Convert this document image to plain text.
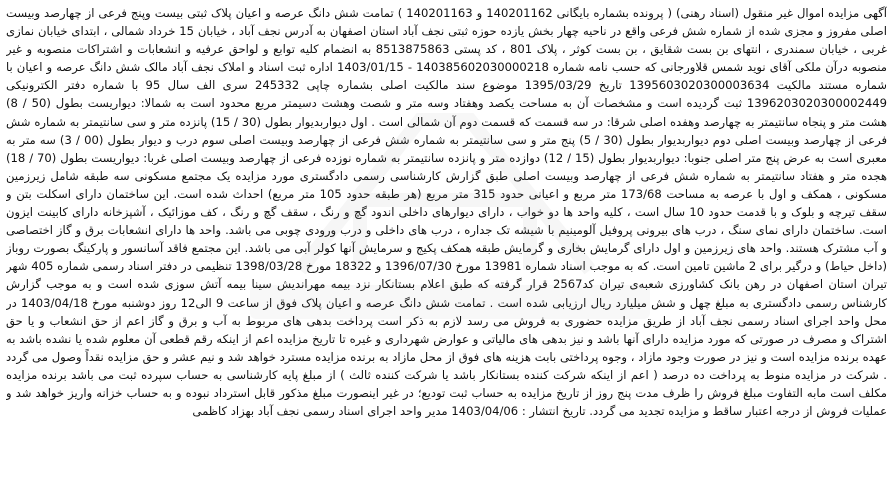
آگهی مزایده اموال غیر منقول (اسناد رهنی) ( پرونده بشماره بایگانی 140201162 و 140201163 ) تمامت شش دانگ عرصه و اعیان پلاک ثبتی بیست وپنج فرعی از چهارصد وبیست اصلی مفروز و مجزی شده از شماره شش فرعی واقع در ناحیه چهار بخش یازده حوزه ثبتی نجف آباد استان اصفهان به آدرس نجف آباد ، خیابان 15 خرداد شمالی ، ابتدای خیابان نمازی غربی ، خیابان سمندری ، انتهای بن بست شقایق ، بن بست کوثر ، پلاک 801 ، کد پستی 8513875863 به انضمام کلیه توابع و لواحق عرفیه و انشعابات و اشتراکات منصوبه و غیر منصوبه درآن ملکی آقای نوید شمس قلاورجانی که حسب نامه شماره 1403856020300002​18 - 1403/01/15 اداره ثبت اسناد و املاک نجف آباد مالک شش دانگ عرصه و اعیان با شماره مستند مالکیت 13956030203000036​34 تاریخ 1395/03/29 موضوع سند مالکیت اصلی بشماره چاپی 245332 سری الف سال 95 با شماره دفتر الکترونیکی 13962030203000024​49 ثبت گردیده است و مشخصات آن به مساحت یکصد وهفتاد وسه متر و شصت وهشت دسیمتر مربع محدود است به شمالا: دیواریست بطول (50 / 8) هشت متر و پنجاه سانتیمتر به چهارصد وهفده اصلی شرقا: در سه قسمت که قسمت دوم آن شمالی است . اول دیواربدیوار بطول (30 / 15) پانزده متر و سی سانتیمتر به شماره شش فرعی از چهارصد وبیست اصلی دوم دیواربدیوار بطول (30 / 5) پنج متر و سی سانتیمتر به شماره شش فرعی از چهارصد وبیست اصلی سوم درب و دیوار بطول (00 / 3) سه متر به معبری است به عرض پنج متر اصلی جنوبا: دیواربدیوار بطول (15 / 12) دوازده متر و پانزده سانتیمتر به شماره نوزده فرعی از چهارصد وبیست اصلی غربا: دیواریست بطول (70 / 18) هجده متر و هفتاد سانتیمتر به شماره شش فرعی از چهارصد وبیست اصلی طبق گزارش کارشناسی رسمی دادگستری مورد مزایده یک مجتمع مسکونی سه طبقه شامل زیرزمین مسکونی ، همکف و اول با عرصه به مساحت 173/68 متر مربع و اعیانی حدود 315 متر مربع (هر طبقه حدود 105 متر مربع) احداث شده است. این ساختمان دارای اسکلت بتن و سقف تیرچه و بلوک و با قدمت حدود 10 سال است ، کلیه واحد ها دو خواب ، دارای دیوارهای داخلی اندود گچ و رنگ ، سقف گچ و رنگ ، کف موزائیک ، آشپزخانه دارای کابینت ایزون است. ساختمان دارای نمای سنگ ، درب های بیرونی پروفیل آلومینیم با شیشه تک جداره ، درب های داخلی و درب ورودی چوبی می باشد. واحد ها دارای انشعابات برق و گاز اختصاصی و آب مشترک هستند. واحد های زیرزمین و اول دارای گرمایش بخاری و گرمایش طبقه همکف پکیج و سرمایش آنها کولر آبی می باشد. این مجتمع فاقد آسانسور و پارکینگ بصورت روباز (داخل حیاط) و درگیر برای 2 ماشین تامین است. که به موجب اسناد شماره 13981 مورخ 1396/07/30 و 18322 مورخ 1398/03/28 تنظیمی در دفتر اسناد رسمی شماره 405 شهر تیران استان اصفهان در رهن بانک کشاورزی شعبه‌ی تیران کد2567 قرار گرفته که طبق اعلام بستانکار نزد بیمه مهراندیش سینا بیمه آتش سوزی شده است و به موجب گزارش کارشناس رسمی دادگستری به مبلغ چهل و شش میلیارد ریال ارزیابی شده است . تمامت شش دانگ عرصه و اعیان پلاک فوق از ساعت 9 الی12 روز دوشنبه مورخ 1403/04/18 در محل واحد اجرای اسناد رسمی نجف آباد از طریق مزایده حضوری به فروش می رسد لازم به ذکر است پرداخت بدهی های مربوط به آب و برق و گاز اعم از حق انشعاب و یا حق اشتراک و مصرف در صورتی که مورد مزایده دارای آنها باشد و نیز بدهی های مالیاتی و عوارض شهرداری و غیره تا تاریخ مزایده اعم از اینکه رقم قطعی آن معلوم شده یا نشده باشد به عهده برنده مزایده است و نیز در صورت وجود مازاد ، وجوه پرداختی بابت هزینه های فوق از محل مازاد به برنده مزایده مسترد خواهد شد و نیم عشر و حق مزایده نقداً وصول می گردد . شرکت در مزایده منوط به پرداخت ده درصد ( اعم از اینکه شرکت کننده بستانکار باشد یا شرکت کننده ثالث ) از مبلغ پایه کارشناسی به حساب سپرده ثبت می باشد برنده مزایده مکلف است مابه التفاوت مبلغ فروش را ظرف مدت پنج روز از تاریخ مزایده به حساب ثبت تودیع؛ در غیر اینصورت مبلغ مذکور قابل استرداد نبوده و به حساب خزانه واریز خواهد شد و عملیات فروش از درجه اعتبار ساقط و مزایده تجدید می گردد. تاریخ انتشار : 1403/04/06 مدیر واحد اجرای اسناد رسمی نجف آباد بهزاد کاظمی
